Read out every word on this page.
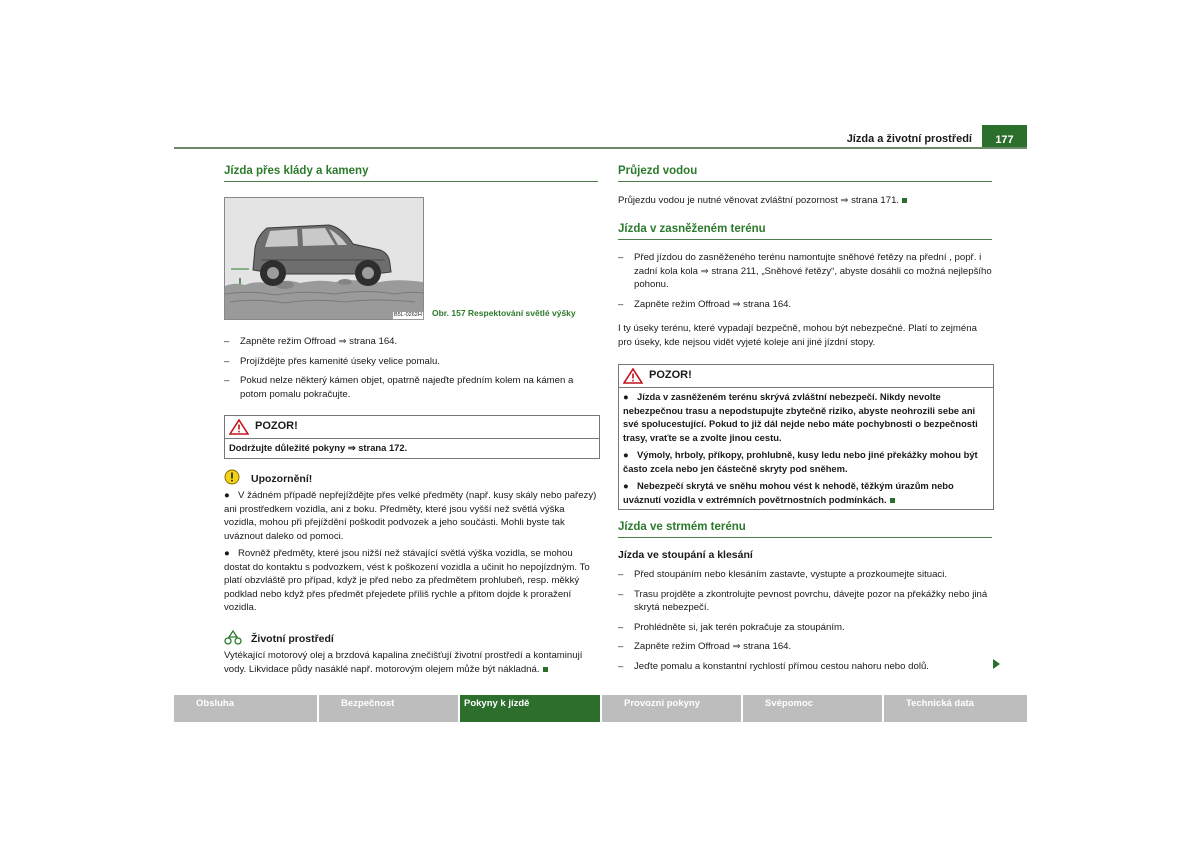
Jízda a životní prostředí	177
Jízda přes klády a kameny
B5L-0262H Obr. 157 Respektování světlé výšky

– Zapněte režim Offroad ⇒ strana 164.

– Projíždějte přes kamenité úseky velice pomalu.

– Pokud nelze některý kámen objet, opatrně najeďte předním kolem na kámen a potom pomalu pokračujte.

POZOR!
Dodržujte důležité pokyny ⇒ strana 172.
Upozornění!

● V žádném případě nepřejíždějte přes velké předměty (např. kusy skály nebo pařezy) ani prostředkem vozidla, ani z boku. Předměty, které jsou vyšší než světlá výška vozidla, mohou při přejíždění poškodit podvozek a jeho součásti. Mohli byste tak uváznout daleko od pomoci.

● Rovněž předměty, které jsou nižší než stávající světlá výška vozidla, se mohou dostat do kontaktu s podvozkem, vést k poškození vozidla a učinit ho nepojízdným. To platí obzvláště pro případ, když je před nebo za předmětem prohlubeň, resp. měkký podklad nebo když přes předmět přejedete příliš rychle a přitom dojde k proražení vozidla.

Životní prostředí

Vytékající motorový olej a brzdová kapalina znečišťují životní prostředí a kontaminují vody. Likvidace půdy nasáklé např. motorovým olejem může být nákladná.

Průjezd vodou

Průjezdu vodou je nutné věnovat zvláštní pozornost ⇒ strana 171.

Jízda v zasněženém terénu

– Před jízdou do zasněženého terénu namontujte sněhové řetězy na přední , popř. i zadní kola kola ⇒ strana 211, „Sněhové řetězy“, abyste dosáhli co možná nejlepšího pohonu.

– Zapněte režim Offroad ⇒ strana 164.

I ty úseky terénu, které vypadají bezpečně, mohou být nebezpečné. Platí to zejména pro úseky, kde nejsou vidět vyjeté koleje ani jiné jízdní stopy.

POZOR!

● Jízda v zasněženém terénu skrývá zvláštní nebezpečí. Nikdy nevolte nebezpečnou trasu a nepodstupujte zbytečně riziko, abyste neohrozili sebe ani své spolucestující. Pokud to již dál nejde nebo máte pochybnosti o bezpečnosti trasy, vraťte se a zvolte jinou cestu.

● Výmoly, hrboly, příkopy, prohlubně, kusy ledu nebo jiné překážky mohou být často zcela nebo jen částečně skryty pod sněhem.

● Nebezpečí skrytá ve sněhu mohou vést k nehodě, těžkým úrazům nebo uváznutí vozidla v extrémních povětrnostních podmínkách.

Jízda ve strmém terénu
Jízda ve stoupání a klesání

– Před stoupáním nebo klesáním zastavte, vystupte a prozkoumejte situaci.

– Trasu projděte a zkontrolujte pevnost povrchu, dávejte pozor na překážky nebo jiná skrytá nebezpečí.

– Prohlédněte si, jak terén pokračuje za stoupáním.

– Zapněte režim Offroad ⇒ strana 164.

– Jeďte pomalu a konstantní rychlostí přímou cestou nahoru nebo dolů.

Obsluha	Bezpečnost	Pokyny k jízdě	Provozní pokyny	Svépomoc	Technická data
